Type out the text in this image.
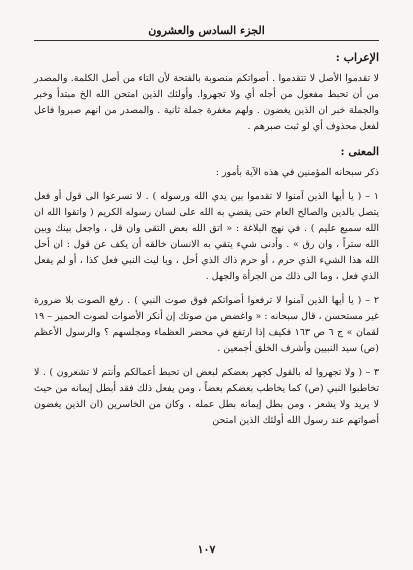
الجزء السادس والعشرون
الإعراب :

لا تقدموا الأصل لا تتقدموا . أصواتكم منصوبة بالفتحة لأن التاء من أصل الكلمة. والمصدر من أن تحبط مفعول من أجله أي ولا تجهروا. وأولئك الذين امتحن الله الخ مبتدأ وخبر والجملة خبر ان الذين يغضون . ولهم مغفرة جملة ثانية . والمصدر من انهم صبروا فاعل لفعل محذوف أي لو ثبت صبرهم .

المعنى :

ذكر سبحانه المؤمنين في هذه الآية بأمور :

١ – ( يا أيها الذين آمنوا لا تقدموا بين يدي الله ورسوله ) . لا تسرعوا الى قول أو فعل يتصل بالدين والصالح العام حتى يقضي به الله على لسان رسوله الكريم ( واتقوا الله ان الله سميع عليم ) . في نهج البلاغة : « اتق الله بعض التقى وان قل ، واجعل بينك وبين الله ستراً ، وان رق » . وأدنى شيء يتقي به الانسان خالقه أن يكف عن قول : ان أحل الله هذا الشيء الذي حرم ، أو حرم ذاك الذي أحل ، ويا ليت النبي فعل كذا ، أو لم يفعل الذي فعل ، وما الى ذلك من الجرأة والجهل .

٢ – ( يا أيها الذين آمنوا لا ترفعوا أصواتكم فوق صوت النبي ) . رفع الصوت بلا ضرورة غير مستحسن ، قال سبحانه : « واغضض من صوتك إن أنكر الأصوات لصوت الحمير – ١٩ لقمان » ج ٦ ص ١٦٣ فكيف إذا ارتفع في محضر العظماء ومجلسهم ؟ والرسول الأعظم (ص) سيد النبيين وأشرف الخلق أجمعين .

٣ – ( ولا تجهروا له بالقول كجهر بعضكم لبعض ان تحبط أعمالكم وأنتم لا تشعرون ) . لا تخاطبوا النبي (ص) كما يخاطب بعضكم بعضاً ، ومن يفعل ذلك فقد أبطل إيمانه من حيث لا يريد ولا يشعر ، ومن بطل إيمانه بطل عمله ، وكان من الخاسرين (ان الذين يغضون أصواتهم عند رسول الله أولئك الذين امتحن

١٠٧
